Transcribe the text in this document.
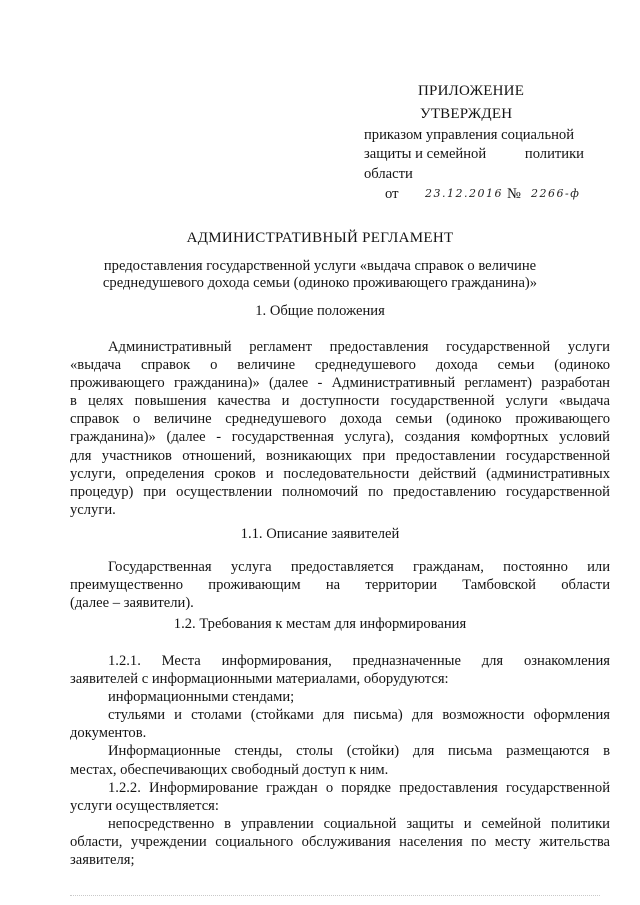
ПРИЛОЖЕНИЕ
УТВЕРЖДЕН
приказом управления социальной
защиты и семейной	политики
области
от 23.12.2016 № 2266-ф
АДМИНИСТРАТИВНЫЙ РЕГЛАМЕНТ
предоставления государственной услуги «выдача справок о величине
среднедушевого дохода семьи (одиноко проживающего гражданина)»
1. Общие положения
Административный регламент предоставления государственной услуги
«выдача справок о величине среднедушевого дохода семьи (одиноко
проживающего гражданина)» (далее - Административный регламент) разработан
в целях повышения качества и доступности государственной услуги «выдача
справок о величине среднедушевого дохода семьи (одиноко проживающего
гражданина)» (далее - государственная услуга), создания комфортных условий
для участников отношений, возникающих при предоставлении государственной
услуги, определения сроков и последовательности действий (административных
процедур) при осуществлении полномочий по предоставлению государственной
услуги.
1.1. Описание заявителей
Государственная услуга предоставляется гражданам, постоянно или
преимущественно проживающим на территории Тамбовской области
(далее – заявители).
1.2. Требования к местам для информирования
1.2.1. Места информирования, предназначенные для ознакомления
заявителей с информационными материалами, оборудуются:
информационными стендами;
стульями и столами (стойками для письма) для возможности оформления
документов.
Информационные стенды, столы (стойки) для письма размещаются в
местах, обеспечивающих свободный доступ к ним.
1.2.2. Информирование граждан о порядке предоставления государственной
услуги осуществляется:
непосредственно в управлении социальной защиты и семейной политики
области, учреждении социального обслуживания населения по месту жительства
заявителя;
